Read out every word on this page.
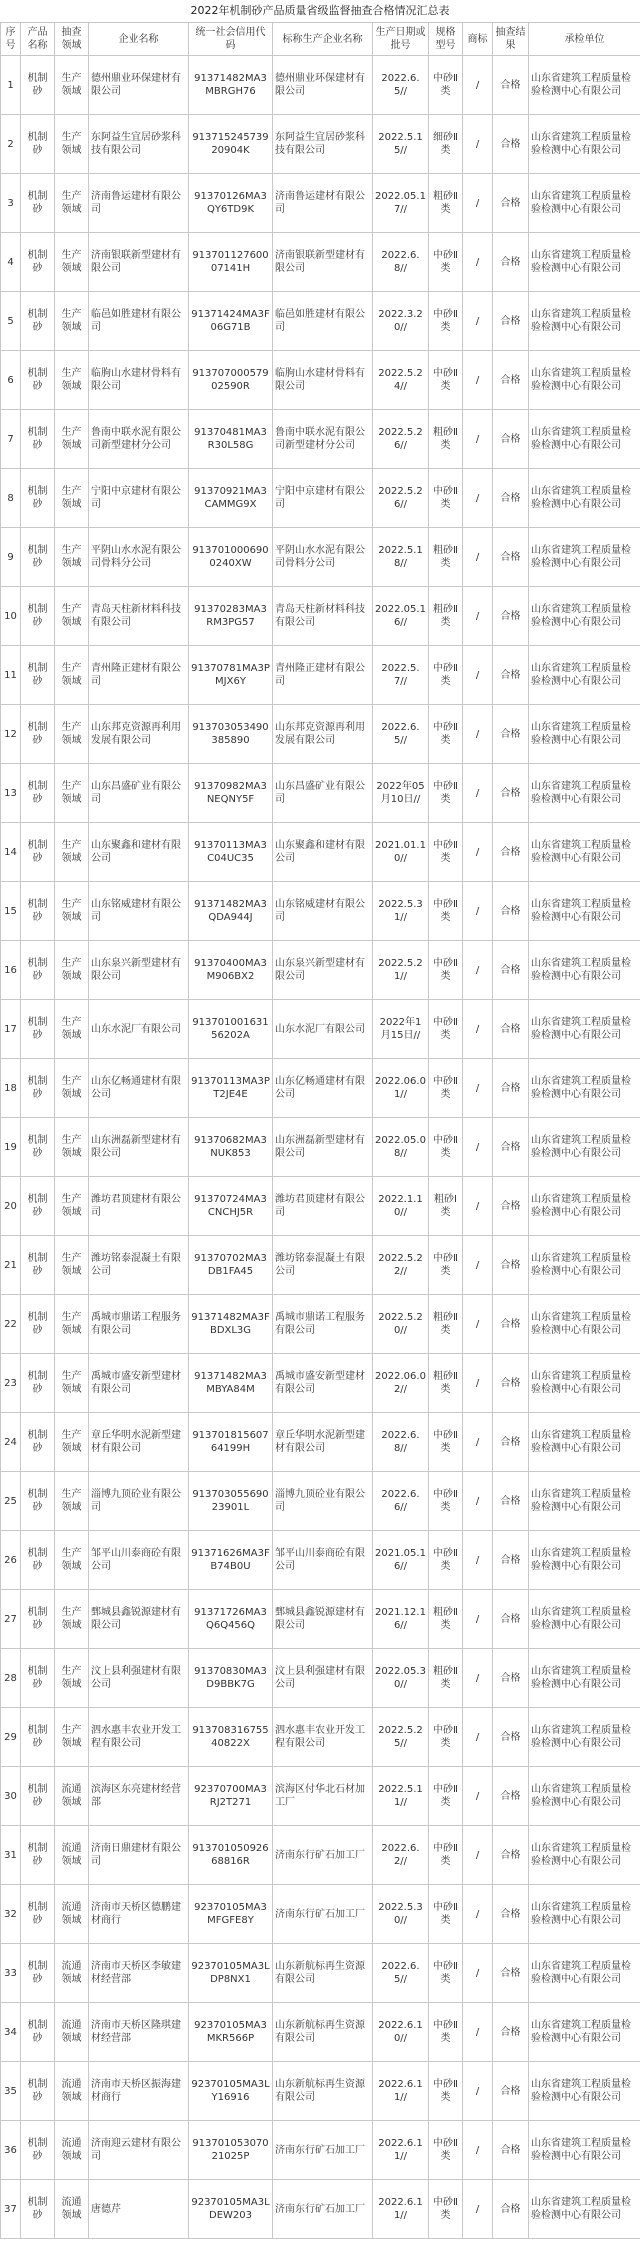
2022年机制砂产品质量省级监督抽查合格情况汇总表
序号	产品名称	抽查领域	企业名称	统一社会信用代码	标称生产企业名称	生产日期或批号	规格型号	商标	抽查结果	承检单位
1	机制砂	生产领域	德州鼎业环保建材有限公司	91371482MA3MBRGH76	德州鼎业环保建材有限公司	2022.6.5//	中砂Ⅱ类	/	合格	山东省建筑工程质量检验检测中心有限公司
2	机制砂	生产领域	东阿益生宜居砂浆科技有限公司	913715245739 20904K	东阿益生宜居砂浆科技有限公司	2022.5.15//	细砂Ⅱ类	/	合格	山东省建筑工程质量检验检测中心有限公司
3	机制砂	生产领域	济南鲁运建材有限公司	91370126MA3QY6TD9K	济南鲁运建材有限公司	2022.05.17//	粗砂Ⅱ类	/	合格	山东省建筑工程质量检验检测中心有限公司
4	机制砂	生产领域	济南银联新型建材有限公司	913701127600 07141H	济南银联新型建材有限公司	2022.6.8//	中砂Ⅱ类	/	合格	山东省建筑工程质量检验检测中心有限公司
5	机制砂	生产领域	临邑如胜建材有限公司	91371424MA3F06G71B	临邑如胜建材有限公司	2022.3.20//	中砂Ⅱ类	/	合格	山东省建筑工程质量检验检测中心有限公司
6	机制砂	生产领域	临朐山水建材骨料有限公司	913707000579 02590R	临朐山水建材骨料有限公司	2022.5.24//	中砂Ⅱ类	/	合格	山东省建筑工程质量检验检测中心有限公司
7	机制砂	生产领域	鲁南中联水泥有限公司新型建材分公司	91370481MA3R30L58G	鲁南中联水泥有限公司新型建材分公司	2022.5.26//	粗砂Ⅱ类	/	合格	山东省建筑工程质量检验检测中心有限公司
8	机制砂	生产领域	宁阳中京建材有限公司	91370921MA3CAMMG9X	宁阳中京建材有限公司	2022.5.26//	中砂Ⅱ类	/	合格	山东省建筑工程质量检验检测中心有限公司
9	机制砂	生产领域	平阴山水水泥有限公司骨料分公司	913701000690 0240XW	平阴山水水泥有限公司骨料分公司	2022.5.18//	粗砂Ⅱ类	/	合格	山东省建筑工程质量检验检测中心有限公司
10	机制砂	生产领域	青岛天柱新材料科技有限公司	91370283MA3RM3PG57	青岛天柱新材料科技有限公司	2022.05.16//	粗砂Ⅱ类	/	合格	山东省建筑工程质量检验检测中心有限公司
11	机制砂	生产领域	青州隆正建材有限公司	91370781MA3PMJX6Y	青州隆正建材有限公司	2022.5.7//	中砂Ⅱ类	/	合格	山东省建筑工程质量检验检测中心有限公司
12	机制砂	生产领域	山东邦克资源再利用发展有限公司	913703053490 385890	山东邦克资源再利用发展有限公司	2022.6.5//	中砂Ⅱ类	/	合格	山东省建筑工程质量检验检测中心有限公司
13	机制砂	生产领域	山东昌盛矿业有限公司	91370982MA3NEQNY5F	山东昌盛矿业有限公司	2022年05月10日//	中砂Ⅱ类	/	合格	山东省建筑工程质量检验检测中心有限公司
14	机制砂	生产领域	山东聚鑫和建材有限公司	91370113MA3C04UC35	山东聚鑫和建材有限公司	2021.01.10//	中砂Ⅱ类	/	合格	山东省建筑工程质量检验检测中心有限公司
15	机制砂	生产领域	山东铭威建材有限公司	91371482MA3QDA944J	山东铭威建材有限公司	2022.5.31//	中砂Ⅱ类	/	合格	山东省建筑工程质量检验检测中心有限公司
16	机制砂	生产领域	山东泉兴新型建材有限公司	91370400MA3M906BX2	山东泉兴新型建材有限公司	2022.5.21//	中砂Ⅱ类	/	合格	山东省建筑工程质量检验检测中心有限公司
17	机制砂	生产领域	山东水泥厂有限公司	913701001631 56202A	山东水泥厂有限公司	2022年1月15日//	中砂Ⅱ类	/	合格	山东省建筑工程质量检验检测中心有限公司
18	机制砂	生产领域	山东亿畅通建材有限公司	91370113MA3PT2JE4E	山东亿畅通建材有限公司	2022.06.01//	中砂Ⅱ类	/	合格	山东省建筑工程质量检验检测中心有限公司
19	机制砂	生产领域	山东洲磊新型建材有限公司	91370682MA3NUK853	山东洲磊新型建材有限公司	2022.05.08//	中砂Ⅱ类	/	合格	山东省建筑工程质量检验检测中心有限公司
20	机制砂	生产领域	潍坊君顶建材有限公司	91370724MA3CNCHJ5R	潍坊君顶建材有限公司	2022.1.10//	粗砂Ⅰ类	/	合格	山东省建筑工程质量检验检测中心有限公司
21	机制砂	生产领域	潍坊铭泰混凝土有限公司	91370702MA3DB1FA45	潍坊铭泰混凝土有限公司	2022.5.22//	中砂Ⅱ类	/	合格	山东省建筑工程质量检验检测中心有限公司
22	机制砂	生产领域	禹城市鼎诺工程服务有限公司	91371482MA3FBDXL3G	禹城市鼎诺工程服务有限公司	2022.5.20//	粗砂Ⅱ类	/	合格	山东省建筑工程质量检验检测中心有限公司
23	机制砂	生产领域	禹城市盛安新型建材有限公司	91371482MA3MBYA84M	禹城市盛安新型建材有限公司	2022.06.02//	粗砂Ⅱ类	/	合格	山东省建筑工程质量检验检测中心有限公司
24	机制砂	生产领域	章丘华明水泥新型建材有限公司	913701815607 64199H	章丘华明水泥新型建材有限公司	2022.6.8//	中砂Ⅱ类	/	合格	山东省建筑工程质量检验检测中心有限公司
25	机制砂	生产领域	淄博九顶砼业有限公司	913703055690 23901L	淄博九顶砼业有限公司	2022.6.6//	中砂Ⅱ类	/	合格	山东省建筑工程质量检验检测中心有限公司
26	机制砂	生产领域	邹平山川泰商砼有限公司	91371626MA3FB74B0U	邹平山川泰商砼有限公司	2021.05.16//	中砂Ⅱ类	/	合格	山东省建筑工程质量检验检测中心有限公司
27	机制砂	生产领域	鄄城县鑫锐源建材有限公司	91371726MA3Q6Q456Q	鄄城县鑫锐源建材有限公司	2021.12.16//	粗砂Ⅱ类	/	合格	山东省建筑工程质量检验检测中心有限公司
28	机制砂	生产领域	汶上县利强建材有限公司	91370830MA3D9BBK7G	汶上县利强建材有限公司	2022.05.30//	粗砂Ⅱ类	/	合格	山东省建筑工程质量检验检测中心有限公司
29	机制砂	生产领域	泗水惠丰农业开发工程有限公司	913708316755 40822X	泗水惠丰农业开发工程有限公司	2022.5.25//	中砂Ⅱ类	/	合格	山东省建筑工程质量检验检测中心有限公司
30	机制砂	流通领域	滨海区东亮建材经营部	92370700MA3RJ2T271	滨海区付华北石材加工厂	2022.5.11//	中砂Ⅱ类	/	合格	山东省建筑工程质量检验检测中心有限公司
31	机制砂	流通领域	济南日鼎建材有限公司	913701050926 68816R	济南东行矿石加工厂	2022.6.2//	中砂Ⅱ类	/	合格	山东省建筑工程质量检验检测中心有限公司
32	机制砂	流通领域	济南市天桥区德鹏建材商行	92370105MA3MFGFE8Y	济南东行矿石加工厂	2022.5.30//	中砂Ⅱ类	/	合格	山东省建筑工程质量检验检测中心有限公司
33	机制砂	流通领域	济南市天桥区李敏建材经营部	92370105MA3LDP8NX1	山东新航标再生资源有限公司	2022.6.5//	中砂Ⅱ类	/	合格	山东省建筑工程质量检验检测中心有限公司
34	机制砂	流通领域	济南市天桥区隆琪建材经营部	92370105MA3MKR566P	山东新航标再生资源有限公司	2022.6.10//	中砂Ⅱ类	/	合格	山东省建筑工程质量检验检测中心有限公司
35	机制砂	流通领域	济南市天桥区振海建材商行	92370105MA3LY16916	山东新航标再生资源有限公司	2022.6.11//	中砂Ⅱ类	/	合格	山东省建筑工程质量检验检测中心有限公司
36	机制砂	流通领域	济南迎云建材有限公司	913701053070 21025P	济南东行矿石加工厂	2022.6.11//	中砂Ⅱ类	/	合格	山东省建筑工程质量检验检测中心有限公司
37	机制砂	流通领域	唐德芹	92370105MA3LDEW203	济南东行矿石加工厂	2022.6.11//	中砂Ⅱ类	/	合格	山东省建筑工程质量检验检测中心有限公司
